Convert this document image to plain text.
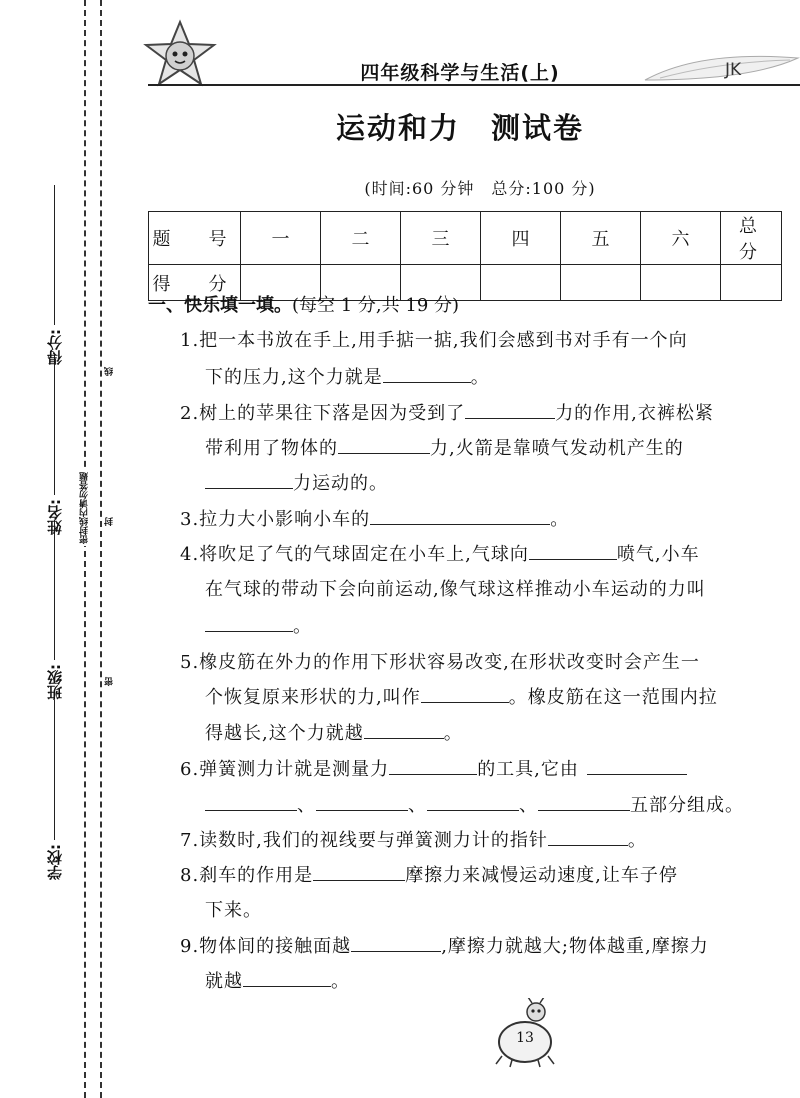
学校:
班级:
姓名:
得分:
密封线内请勿答题
线
封
密
四年级科学与生活(上)	JK
运动和力　测试卷
(时间:60 分钟　总分:100 分)
题　号	一	二	三	四	五	六	总　分
得　分							
一、快乐填一填。(每空 1 分,共 19 分)
1.把一本书放在手上,用手掂一掂,我们会感到书对手有一个向
下的压力,这个力就是	。
2.树上的苹果往下落是因为受到了	力的作用,衣裤松紧
带利用了物体的	力,火箭是靠喷气发动机产生的
力运动的。
3.拉力大小影响小车的	。
4.将吹足了气的气球固定在小车上,气球向	喷气,小车
在气球的带动下会向前运动,像气球这样推动小车运动的力叫
。
5.橡皮筋在外力的作用下形状容易改变,在形状改变时会产生一
个恢复原来形状的力,叫作	。橡皮筋在这一范围内拉
得越长,这个力就越	。
6.弹簧测力计就是测量力	的工具,它由
、	、	、	五部分组成。
7.读数时,我们的视线要与弹簧测力计的指针	。
8.刹车的作用是	摩擦力来减慢运动速度,让车子停
下来。
9.物体间的接触面越	,摩擦力就越大;物体越重,摩擦力
就越	。
13
